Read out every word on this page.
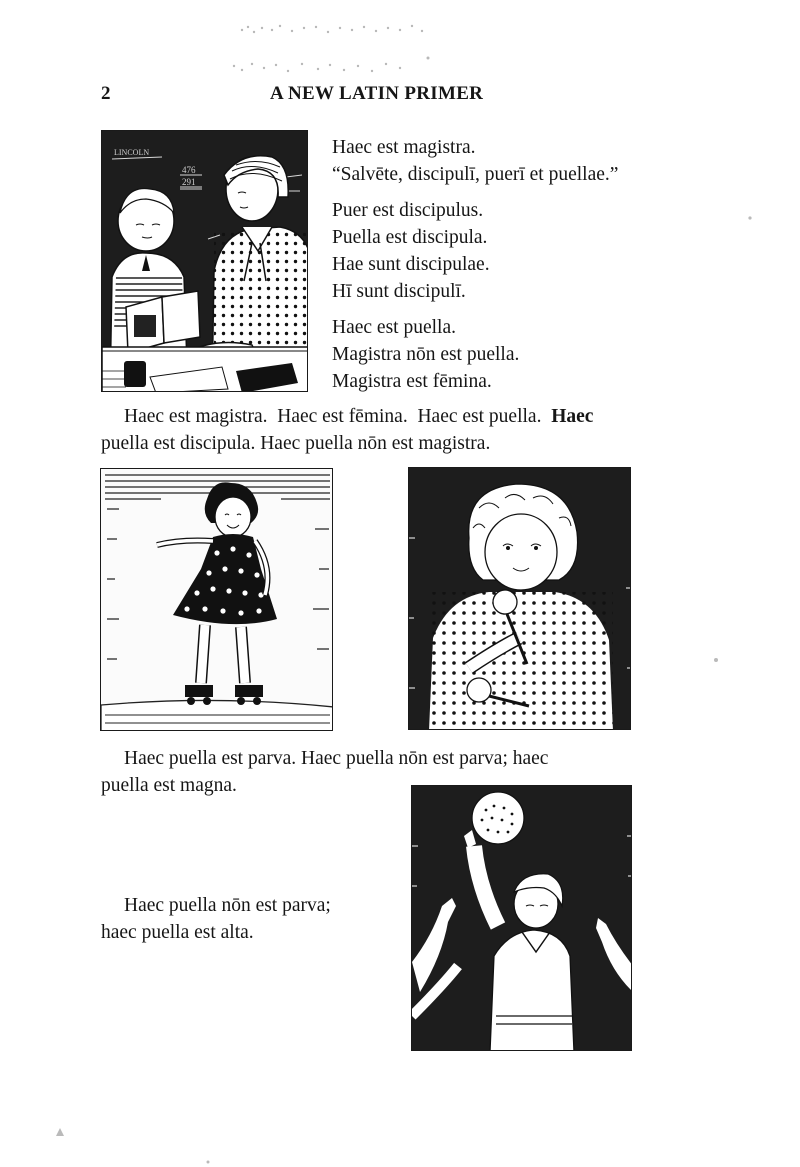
2	A NEW LATIN PRIMER
LINCOLN
476
291
Haec est magistra.
“Salvēte, discipulī, puerī et puellae.”
Puer est discipulus.
Puella est discipula.
Hae sunt discipulae.
Hī sunt discipulī.
Haec est puella.
Magistra nōn est puella.
Magistra est fēmina.
Haec est magistra. Haec est fēmina. Haec est puella. Haec
puella est discipula. Haec puella nōn est magistra.
Haec puella est parva. Haec puella nōn est parva; haec
puella est magna.
Haec puella nōn est parva;
haec puella est alta.
